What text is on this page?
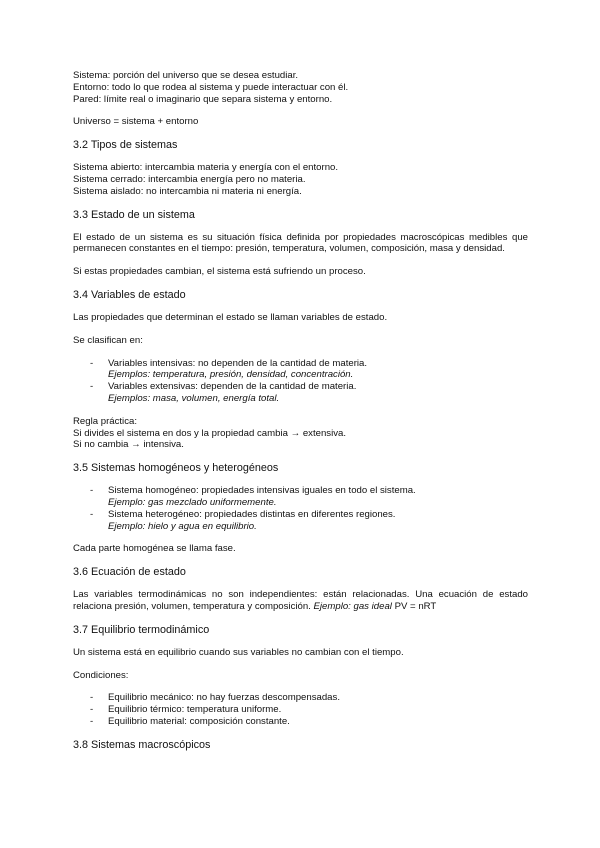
Sistema: porción del universo que se desea estudiar.
Entorno: todo lo que rodea al sistema y puede interactuar con él.
Pared: límite real o imaginario que separa sistema y entorno.

Universo = sistema + entorno

3.2 Tipos de sistemas
Sistema abierto: intercambia materia y energía con el entorno.
Sistema cerrado: intercambia energía pero no materia.
Sistema aislado: no intercambia ni materia ni energía.
3.3 Estado de un sistema

El estado de un sistema es su situación física definida por propiedades macroscópicas medibles que permanecen constantes en el tiempo: presión, temperatura, volumen, composición, masa y densidad.

Si estas propiedades cambian, el sistema está sufriendo un proceso.

3.4 Variables de estado

Las propiedades que determinan el estado se llaman variables de estado.

Se clasifican en:

- Variables intensivas: no dependen de la cantidad de materia.
Ejemplos: temperatura, presión, densidad, concentración.
- Variables extensivas: dependen de la cantidad de materia.
Ejemplos: masa, volumen, energía total.
Regla práctica:
Si divides el sistema en dos y la propiedad cambia → extensiva.
Si no cambia → intensiva.
3.5 Sistemas homogéneos y heterogéneos
- Sistema homogéneo: propiedades intensivas iguales en todo el sistema.
Ejemplo: gas mezclado uniformemente.
- Sistema heterogéneo: propiedades distintas en diferentes regiones.
Ejemplo: hielo y agua en equilibrio.

Cada parte homogénea se llama fase.

3.6 Ecuación de estado

Las variables termodinámicas no son independientes: están relacionadas. Una ecuación de estado relaciona presión, volumen, temperatura y composición. Ejemplo: gas ideal PV = nRT

3.7 Equilibrio termodinámico

Un sistema está en equilibrio cuando sus variables no cambian con el tiempo.

Condiciones:

- Equilibrio mecánico: no hay fuerzas descompensadas.
- Equilibrio térmico: temperatura uniforme.
- Equilibrio material: composición constante.
3.8 Sistemas macroscópicos
